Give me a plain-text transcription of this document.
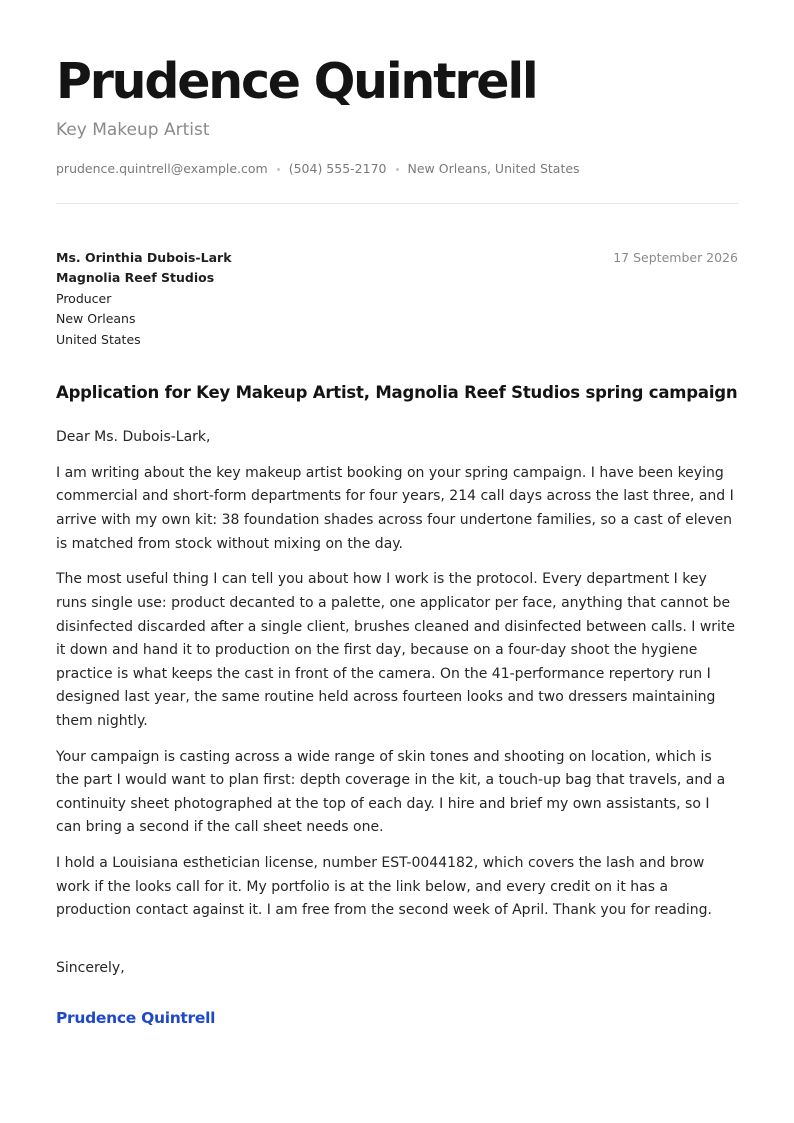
Prudence Quintrell
Key Makeup Artist
prudence.quintrell@example.com (504) 555-2170 New Orleans, United States
Ms. Orinthia Dubois-Lark
Magnolia Reef Studios
Producer
New Orleans
United States
17 September 2026
Application for Key Makeup Artist, Magnolia Reef Studios spring campaign

Dear Ms. Dubois-Lark,

I am writing about the key makeup artist booking on your spring campaign. I have been keying commercial and short-form departments for four years, 214 call days across the last three, and I arrive with my own kit: 38 foundation shades across four undertone families, so a cast of eleven is matched from stock without mixing on the day.

The most useful thing I can tell you about how I work is the protocol. Every department I key runs single use: product decanted to a palette, one applicator per face, anything that cannot be disinfected discarded after a single client, brushes cleaned and disinfected between calls. I write it down and hand it to production on the first day, because on a four-day shoot the hygiene practice is what keeps the cast in front of the camera. On the 41-performance repertory run I designed last year, the same routine held across fourteen looks and two dressers maintaining them nightly.

Your campaign is casting across a wide range of skin tones and shooting on location, which is the part I would want to plan first: depth coverage in the kit, a touch-up bag that travels, and a continuity sheet photographed at the top of each day. I hire and brief my own assistants, so I can bring a second if the call sheet needs one.

I hold a Louisiana esthetician license, number EST-0044182, which covers the lash and brow work if the looks call for it. My portfolio is at the link below, and every credit on it has a production contact against it. I am free from the second week of April. Thank you for reading.

Sincerely,
Prudence Quintrell
